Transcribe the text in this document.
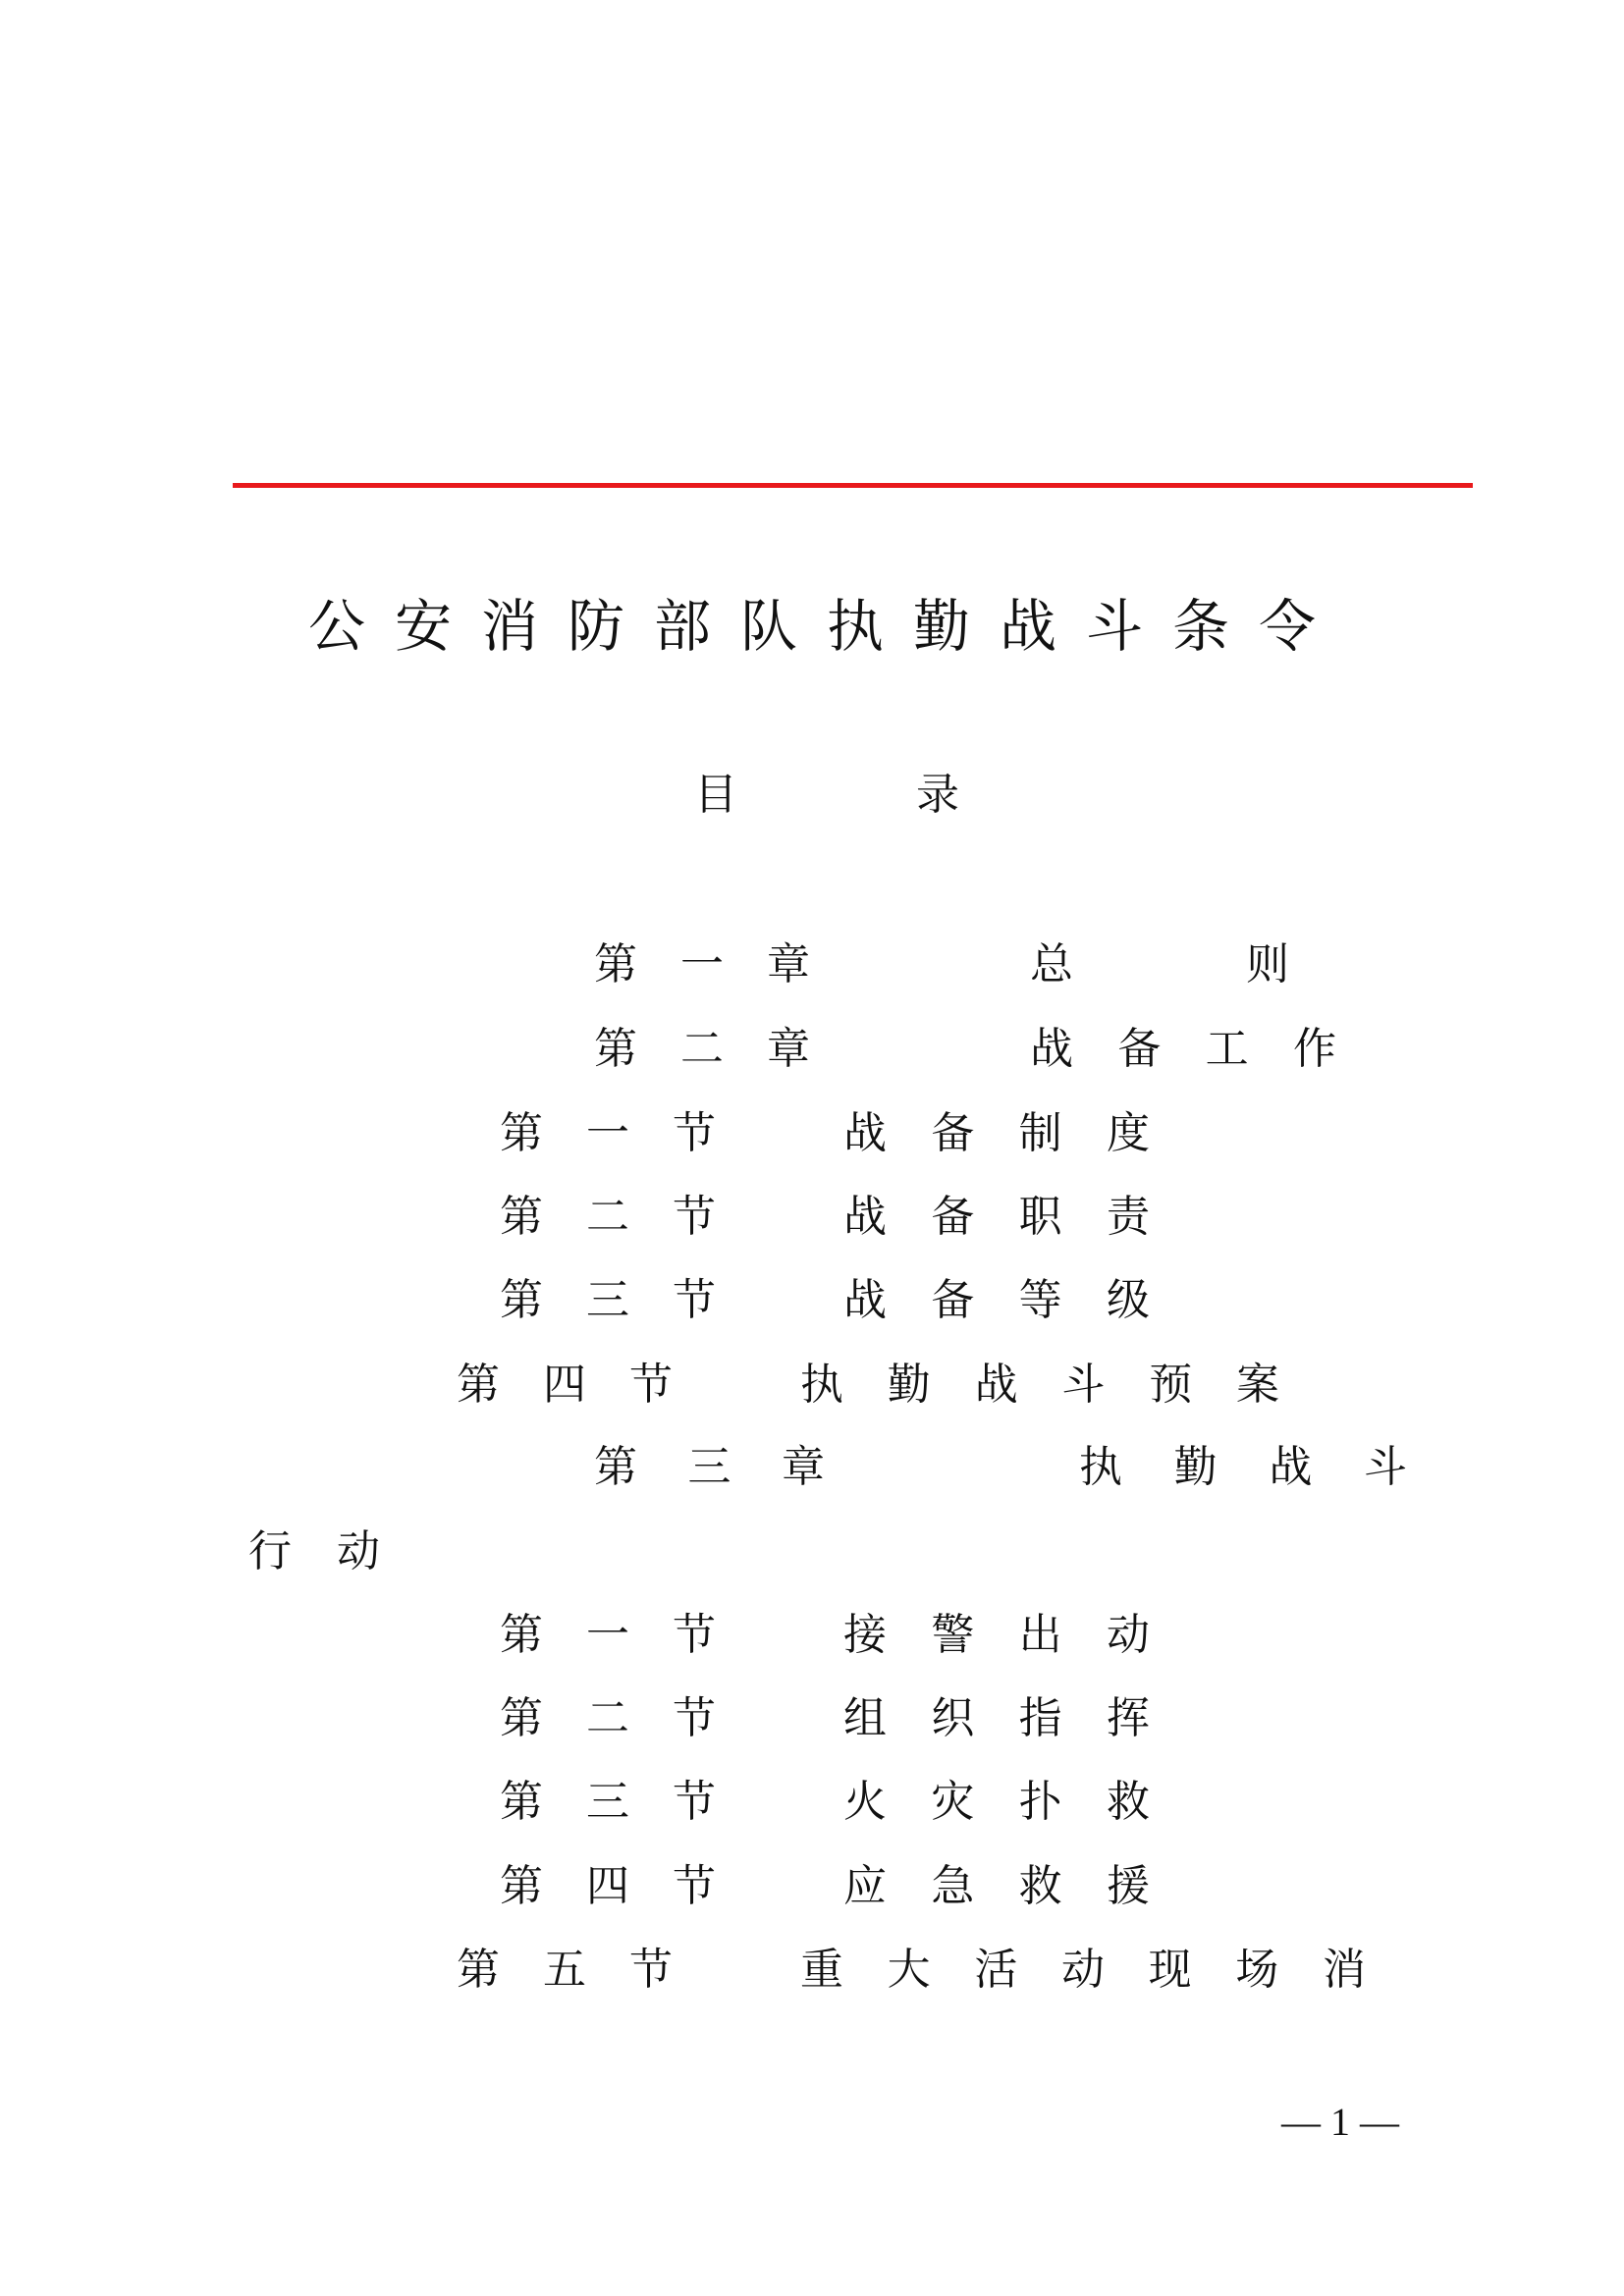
公安消防部队执勤战斗条令
目	录
第 一 章	总	则
第 二 章	战 备 工 作
第 一 节	战 备 制 度
第 二 节	战 备 职 责
第 三 节	战 备 等 级
第 四 节	执 勤 战 斗 预 案
第 三 章	执 勤 战 斗
行 动
第 一 节	接 警 出 动
第 二 节	组 织 指 挥
第 三 节	火 灾 扑 救
第 四 节	应 急 救 援
第 五 节	重 大 活 动 现 场 消
— 1 —
